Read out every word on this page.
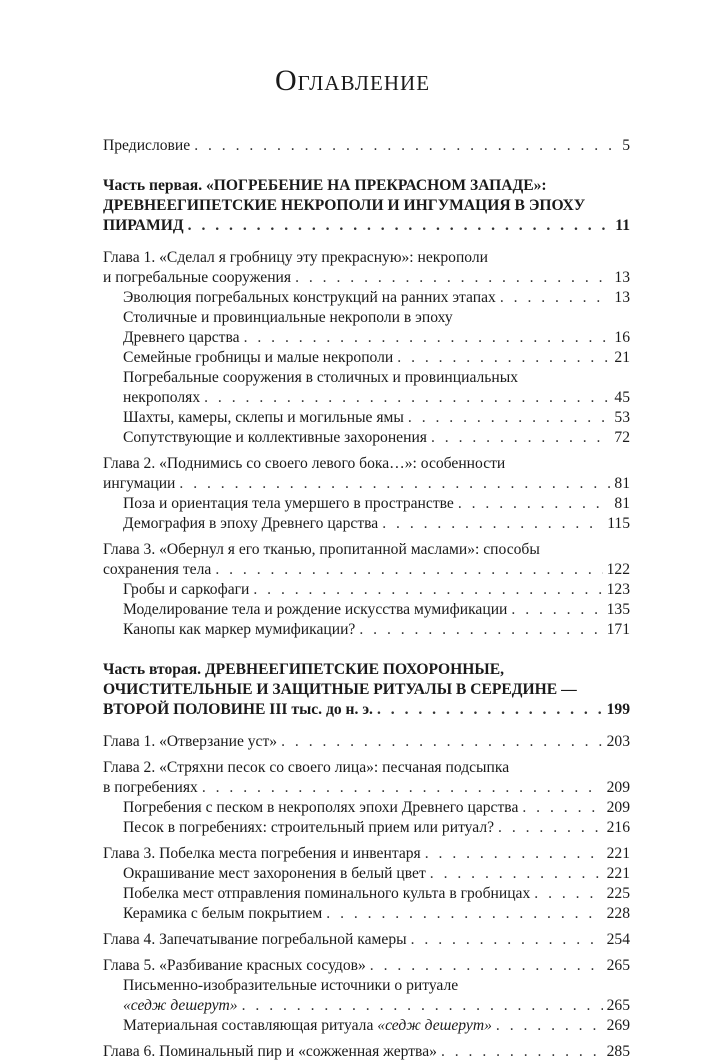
Оглавление
Предисловие . . .	5
Часть первая. «ПОГРЕБЕНИЕ НА ПРЕКРАСНОМ ЗАПАДЕ»:
ДРЕВНЕЕГИПЕТСКИЕ НЕКРОПОЛИ И ИНГУМАЦИЯ В ЭПОХУ
ПИРАМИД . . .	11
Глава 1. «Сделал я гробницу эту прекрасную»: некрополи
и погребальные сооружения . . .	13
Эволюция погребальных конструкций на ранних этапах . . .	13
Столичные и провинциальные некрополи в эпоху
Древнего царства . . .	16
Семейные гробницы и малые некрополи . . .	21
Погребальные сооружения в столичных и провинциальных
некрополях . . .	45
Шахты, камеры, склепы и могильные ямы . . .	53
Сопутствующие и коллективные захоронения . . .	72
Глава 2. «Поднимись со своего левого бока…»: особенности
ингумации . . .	81
Поза и ориентация тела умершего в пространстве . . .	81
Демография в эпоху Древнего царства . . .	115
Глава 3. «Обернул я его тканью, пропитанной маслами»: способы
сохранения тела . . .	122
Гробы и саркофаги . . .	123
Моделирование тела и рождение искусства мумификации . . .	135
Канопы как маркер мумификации? . . .	171
Часть вторая. ДРЕВНЕЕГИПЕТСКИЕ ПОХОРОННЫЕ,
ОЧИСТИТЕЛЬНЫЕ И ЗАЩИТНЫЕ РИТУАЛЫ В СЕРЕДИНЕ —
ВТОРОЙ ПОЛОВИНЕ III тыс. до н. э. . . .	199
Глава 1. «Отверзание уст» . . .	203
Глава 2. «Стряхни песок со своего лица»: песчаная подсыпка
в погребениях . . .	209
Погребения с песком в некрополях эпохи Древнего царства . . .	209
Песок в погребениях: строительный прием или ритуал? . . .	216
Глава 3. Побелка места погребения и инвентаря . . .	221
Окрашивание мест захоронения в белый цвет . . .	221
Побелка мест отправления поминального культа в гробницах . . .	225
Керамика с белым покрытием . . .	228
Глава 4. Запечатывание погребальной камеры . . .	254
Глава 5. «Разбивание красных сосудов» . . .	265
Письменно-изобразительные источники о ритуале
«седж дешерут» . . .	265
Материальная составляющая ритуала «седж дешерут» . . .	269
Глава 6. Поминальный пир и «сожженная жертва» . . .	285
